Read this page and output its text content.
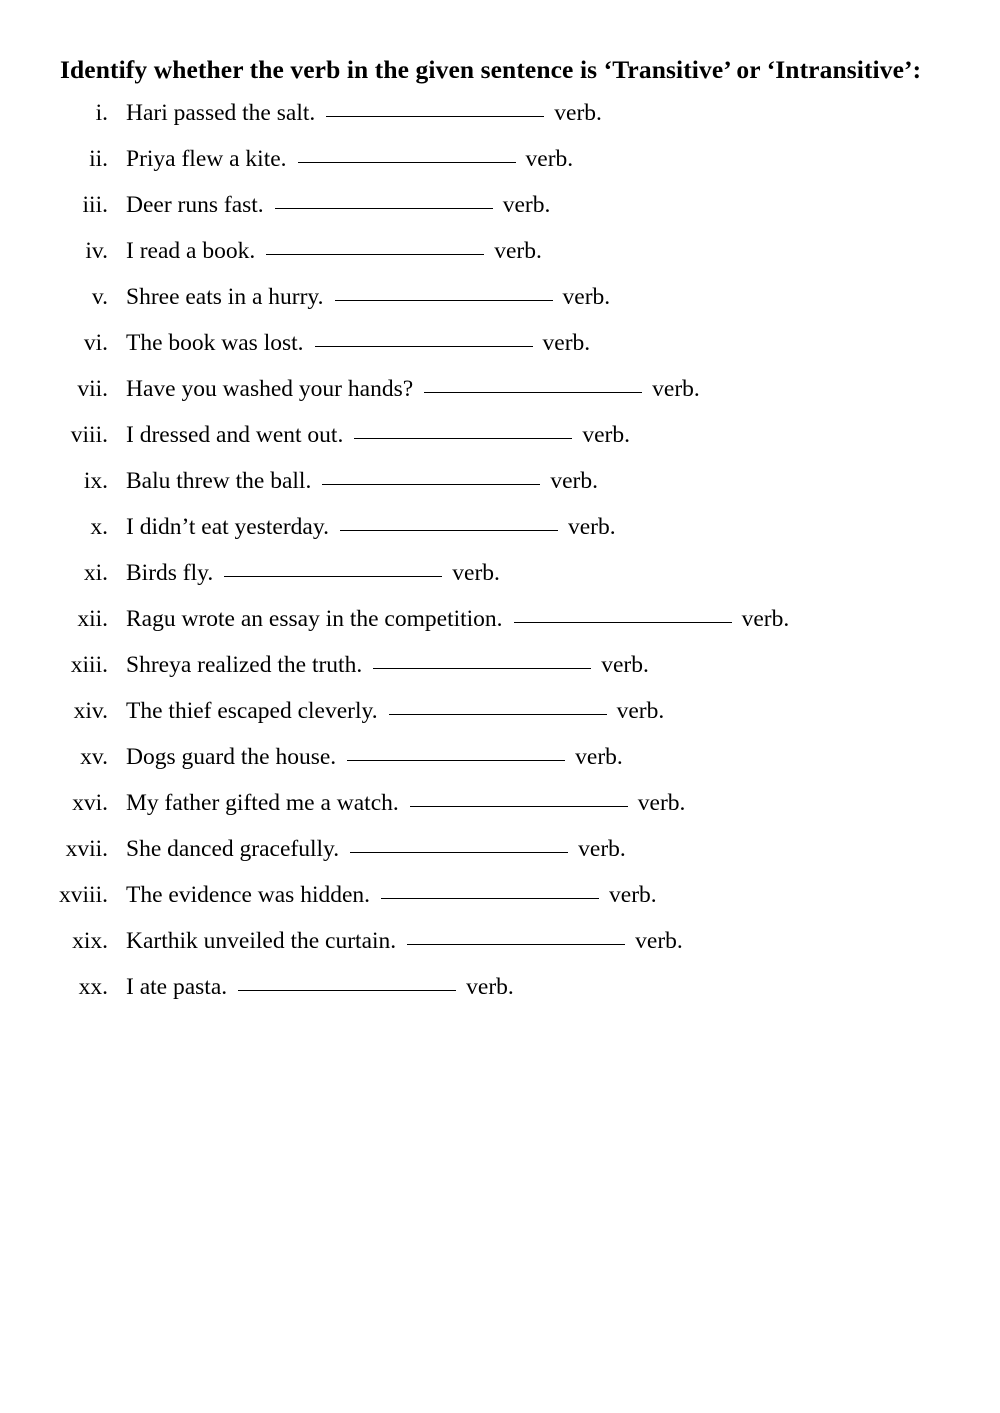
Identify whether the verb in the given sentence is ‘Transitive’ or ‘Intransitive’:
i. Hari passed the salt.	verb.
ii. Priya flew a kite.	verb.
iii. Deer runs fast.	verb.
iv. I read a book.	verb.
v. Shree eats in a hurry.	verb.
vi. The book was lost.	verb.
vii. Have you washed your hands?	verb.
viii. I dressed and went out.	verb.
ix. Balu threw the ball.	verb.
x. I didn’t eat yesterday.	verb.
xi. Birds fly.	verb.
xii. Ragu wrote an essay in the competition.	verb.
xiii. Shreya realized the truth.	verb.
xiv. The thief escaped cleverly.	verb.
xv. Dogs guard the house.	verb.
xvi. My father gifted me a watch.	verb.
xvii. She danced gracefully.	verb.
xviii. The evidence was hidden.	verb.
xix. Karthik unveiled the curtain.	verb.
xx. I ate pasta.	verb.
